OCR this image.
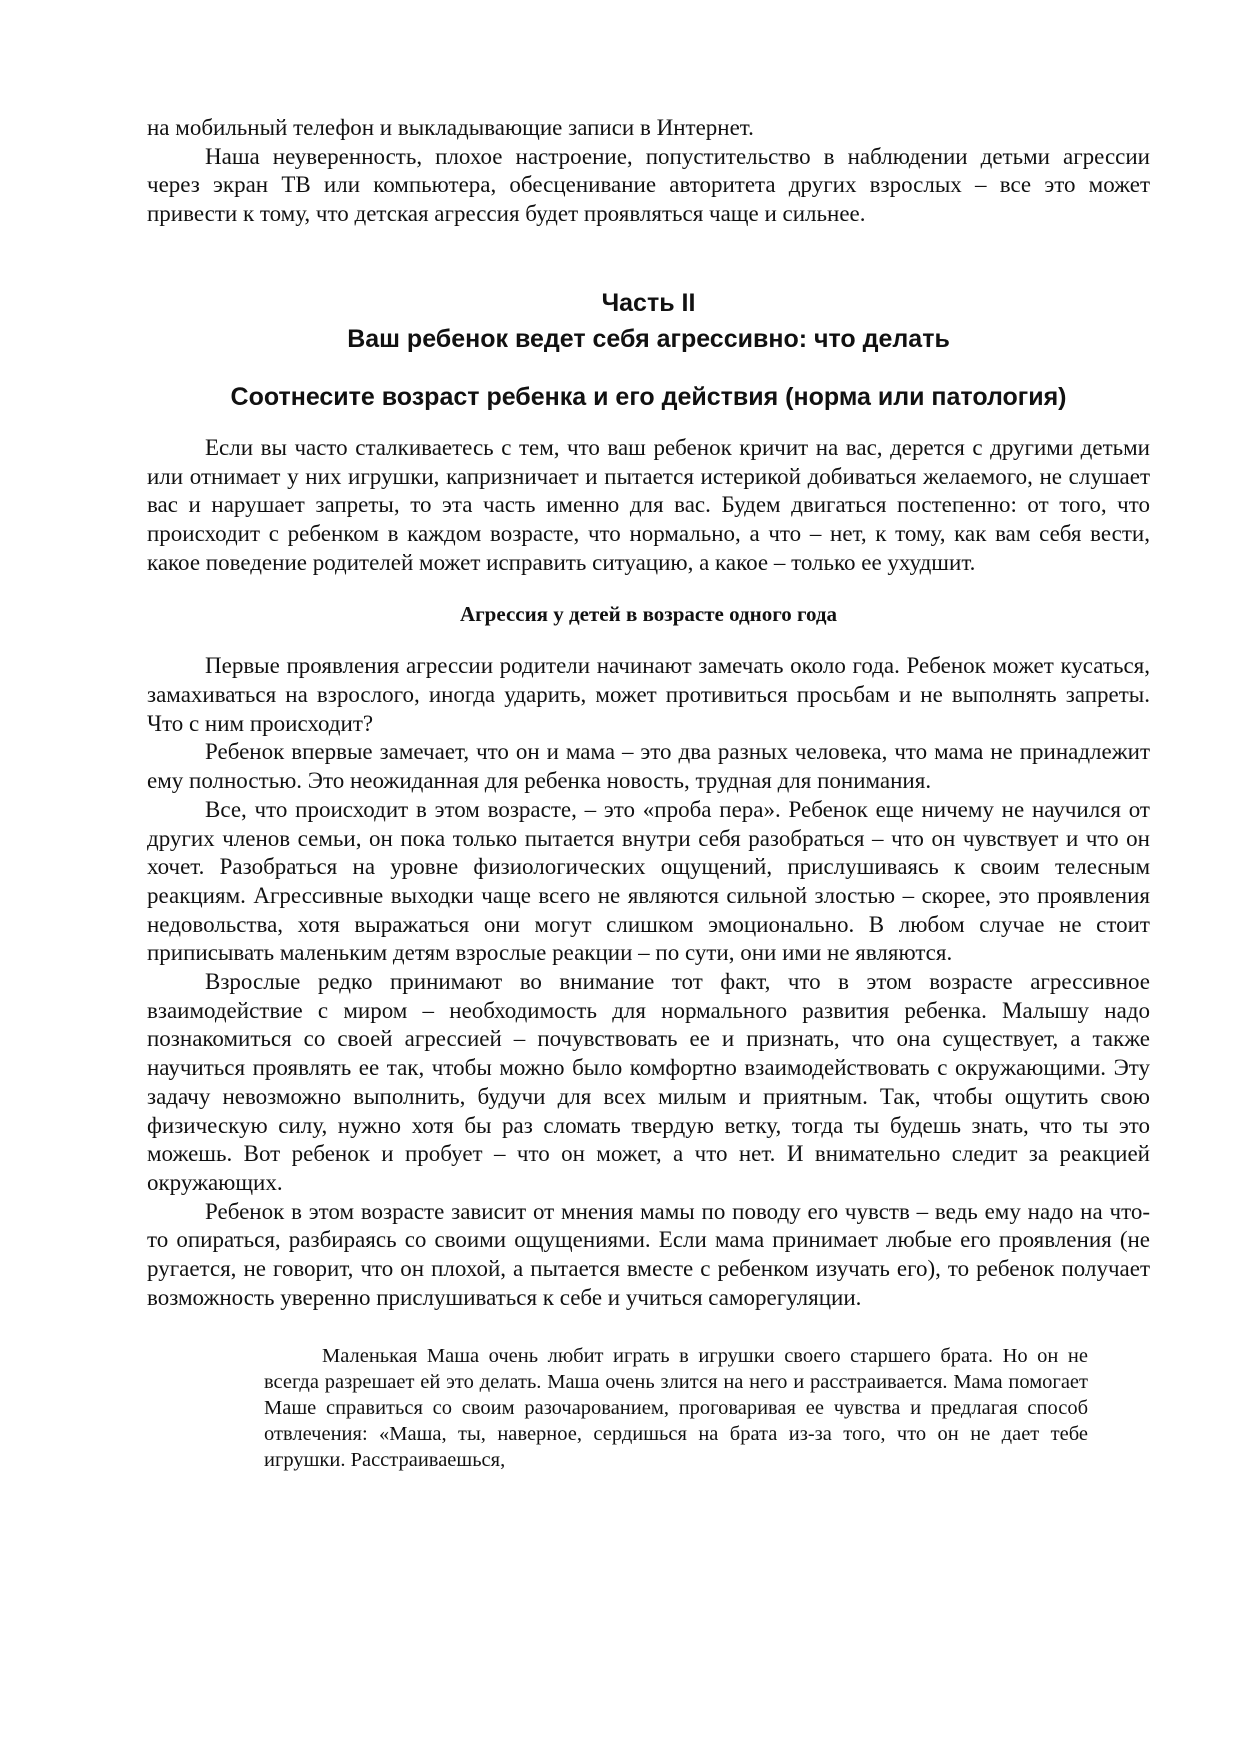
на мобильный телефон и выкладывающие записи в Интернет.

Наша неуверенность, плохое настроение, попустительство в наблюдении детьми агрессии через экран ТВ или компьютера, обесценивание авторитета других взрослых – все это может привести к тому, что детская агрессия будет проявляться чаще и сильнее.

Часть II
Ваш ребенок ведет себя агрессивно: что делать
Соотнесите возраст ребенка и его действия (норма или патология)

Если вы часто сталкиваетесь с тем, что ваш ребенок кричит на вас, дерется с другими детьми или отнимает у них игрушки, капризничает и пытается истерикой добиваться желаемого, не слушает вас и нарушает запреты, то эта часть именно для вас. Будем двигаться постепенно: от того, что происходит с ребенком в каждом возрасте, что нормально, а что – нет, к тому, как вам себя вести, какое поведение родителей может исправить ситуацию, а какое – только ее ухудшит.

Агрессия у детей в возрасте одного года

Первые проявления агрессии родители начинают замечать около года. Ребенок может кусаться, замахиваться на взрослого, иногда ударить, может противиться просьбам и не выполнять запреты. Что с ним происходит?

Ребенок впервые замечает, что он и мама – это два разных человека, что мама не принадлежит ему полностью. Это неожиданная для ребенка новость, трудная для понимания.

Все, что происходит в этом возрасте, – это «проба пера». Ребенок еще ничему не научился от других членов семьи, он пока только пытается внутри себя разобраться – что он чувствует и что он хочет. Разобраться на уровне физиологических ощущений, прислушиваясь к своим телесным реакциям. Агрессивные выходки чаще всего не являются сильной злостью – скорее, это проявления недовольства, хотя выражаться они могут слишком эмоционально. В любом случае не стоит приписывать маленьким детям взрослые реакции – по сути, они ими не являются.

Взрослые редко принимают во внимание тот факт, что в этом возрасте агрессивное взаимодействие с миром – необходимость для нормального развития ребенка. Малышу надо познакомиться со своей агрессией – почувствовать ее и признать, что она существует, а также научиться проявлять ее так, чтобы можно было комфортно взаимодействовать с окружающими. Эту задачу невозможно выполнить, будучи для всех милым и приятным. Так, чтобы ощутить свою физическую силу, нужно хотя бы раз сломать твердую ветку, тогда ты будешь знать, что ты это можешь. Вот ребенок и пробует – что он может, а что нет. И внимательно следит за реакцией окружающих.

Ребенок в этом возрасте зависит от мнения мамы по поводу его чувств – ведь ему надо на что-то опираться, разбираясь со своими ощущениями. Если мама принимает любые его проявления (не ругается, не говорит, что он плохой, а пытается вместе с ребенком изучать его), то ребенок получает возможность уверенно прислушиваться к себе и учиться саморегуляции.

Маленькая Маша очень любит играть в игрушки своего старшего брата. Но он не всегда разрешает ей это делать. Маша очень злится на него и расстраивается. Мама помогает Маше справиться со своим разочарованием, проговаривая ее чувства и предлагая способ отвлечения: «Маша, ты, наверное, сердишься на брата из-за того, что он не дает тебе игрушки. Расстраиваешься,
